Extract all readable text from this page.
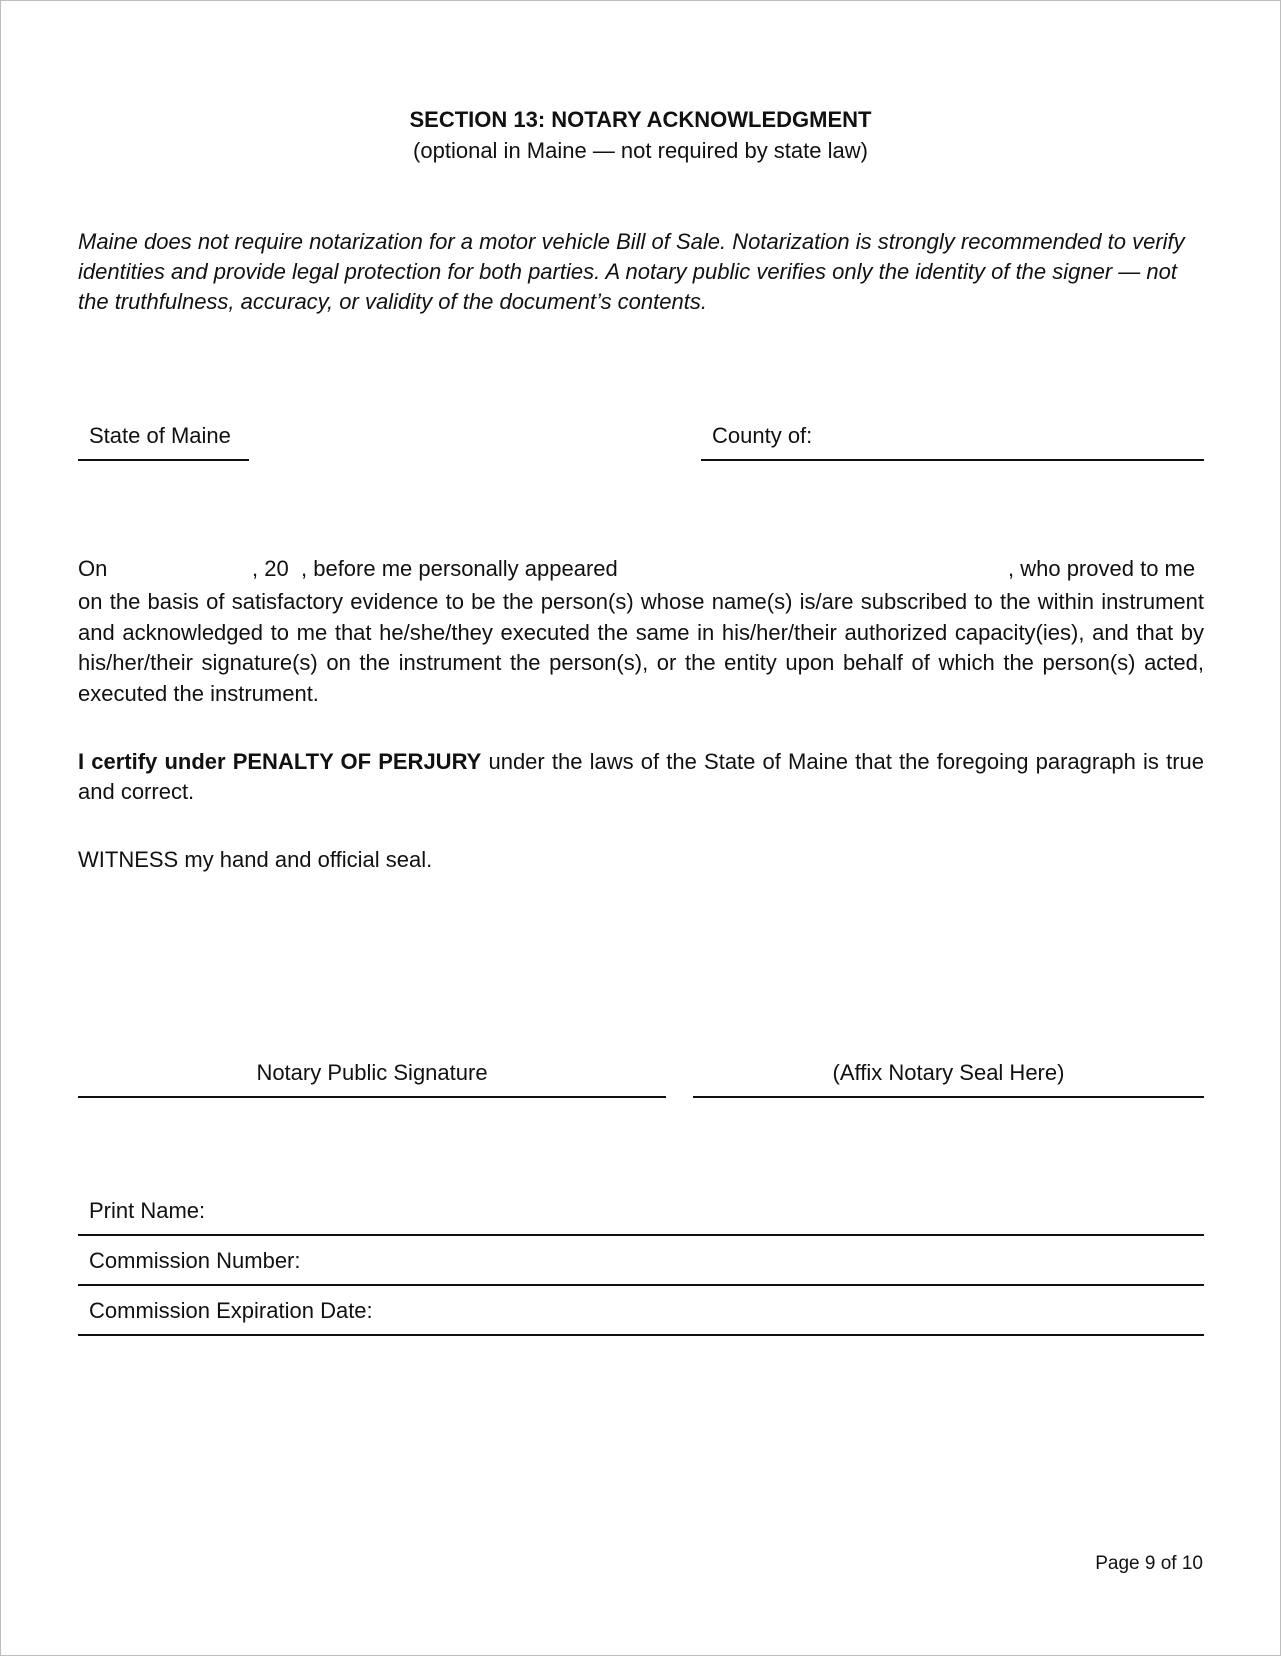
SECTION 13: NOTARY ACKNOWLEDGMENT
(optional in Maine — not required by state law)
Maine does not require notarization for a motor vehicle Bill of Sale. Notarization is strongly recommended to verify identities and provide legal protection for both parties. A notary public verifies only the identity of the signer — not the truthfulness, accuracy, or validity of the document’s contents.
State of Maine	County of:
On	, 20 , before me personally appeared	, who proved to me
on the basis of satisfactory evidence to be the person(s) whose name(s) is/are subscribed to the within instrument and acknowledged to me that he/she/they executed the same in his/her/their authorized capacity(ies), and that by his/her/their signature(s) on the instrument the person(s), or the entity upon behalf of which the person(s) acted, executed the instrument.
I certify under PENALTY OF PERJURY under the laws of the State of Maine that the foregoing paragraph is true and correct.
WITNESS my hand and official seal.
Notary Public Signature	(Affix Notary Seal Here)
Print Name:
Commission Number:
Commission Expiration Date:
Page 9 of 10
